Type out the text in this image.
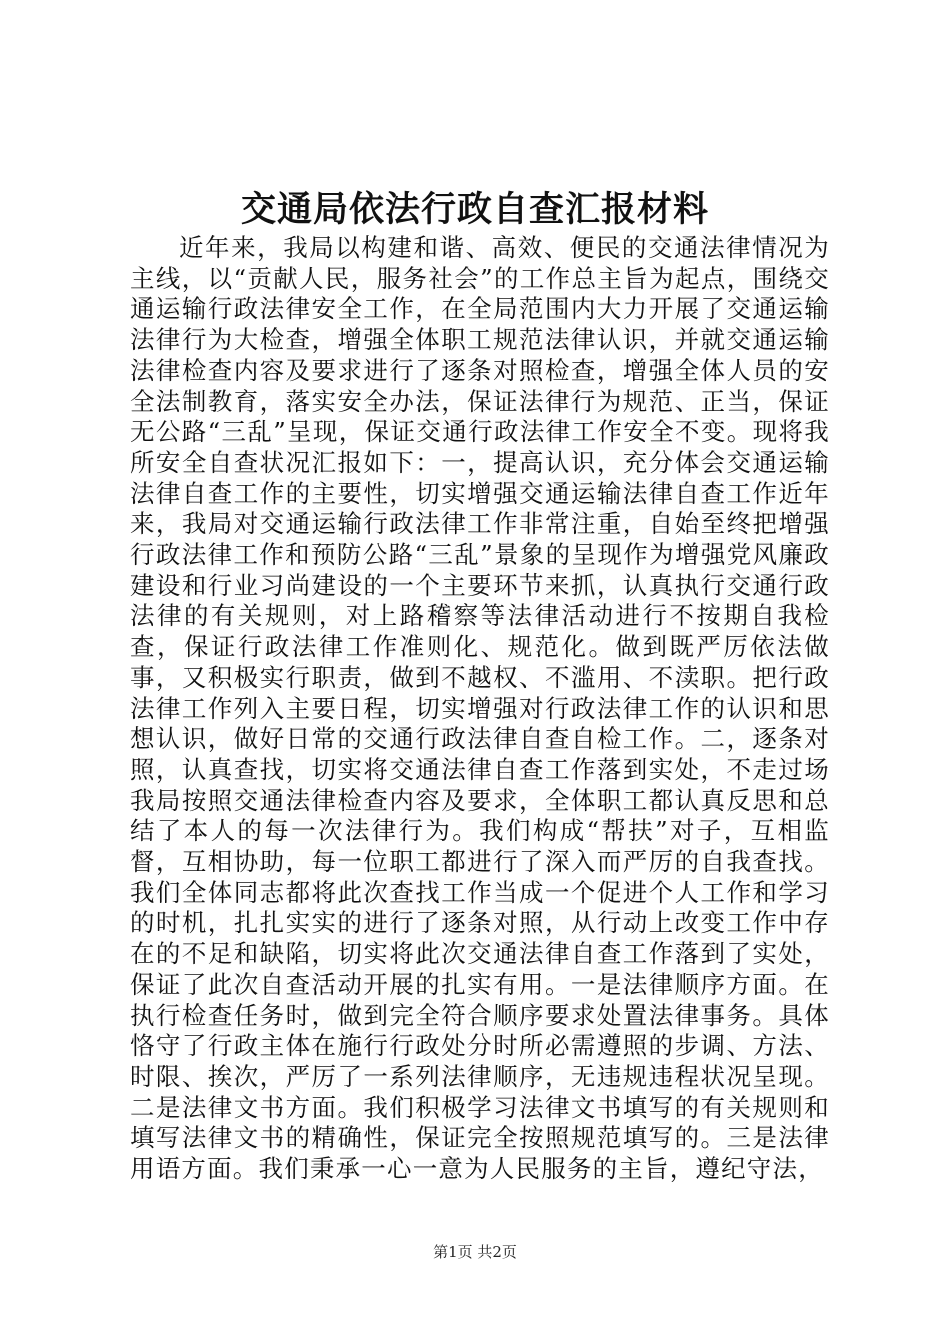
交通局依法行政自查汇报材料

近年来，我局以构建和谐、高效、便民的交通法律情况为主线，以“贡献人民，服务社会”的工作总主旨为起点，围绕交通运输行政法律安全工作，在全局范围内大力开展了交通运输法律行为大检查，增强全体职工规范法律认识，并就交通运输法律检查内容及要求进行了逐条对照检查，增强全体人员的安全法制教育，落实安全办法，保证法律行为规范、正当，保证无公路“三乱”呈现，保证交通行政法律工作安全不变。现将我所安全自查状况汇报如下：一，提高认识，充分体会交通运输法律自查工作的主要性，切实增强交通运输法律自查工作近年来，我局对交通运输行政法律工作非常注重，自始至终把增强行政法律工作和预防公路“三乱”景象的呈现作为增强党风廉政建设和行业习尚建设的一个主要环节来抓，认真执行交通行政法律的有关规则，对上路稽察等法律活动进行不按期自我检查，保证行政法律工作准则化、规范化。做到既严厉依法做事，又积极实行职责，做到不越权、不滥用、不渎职。把行政法律工作列入主要日程，切实增强对行政法律工作的认识和思想认识，做好日常的交通行政法律自查自检工作。二，逐条对照，认真查找，切实将交通法律自查工作落到实处，不走过场我局按照交通法律检查内容及要求，全体职工都认真反思和总结了本人的每一次法律行为。我们构成“帮扶”对子，互相监督，互相协助，每一位职工都进行了深入而严厉的自我查找。我们全体同志都将此次查找工作当成一个促进个人工作和学习的时机，扎扎实实的进行了逐条对照，从行动上改变工作中存在的不足和缺陷，切实将此次交通法律自查工作落到了实处，保证了此次自查活动开展的扎实有用。一是法律顺序方面。在执行检查任务时，做到完全符合顺序要求处置法律事务。具体恪守了行政主体在施行行政处分时所必需遵照的步调、方法、时限、挨次，严厉了一系列法律顺序，无违规违程状况呈现。二是法律文书方面。我们积极学习法律文书填写的有关规则和填写法律文书的精确性，保证完全按照规范填写的。三是法律用语方面。我们秉承一心一意为人民服务的主旨，遵纪守法，

第1页 共2页
